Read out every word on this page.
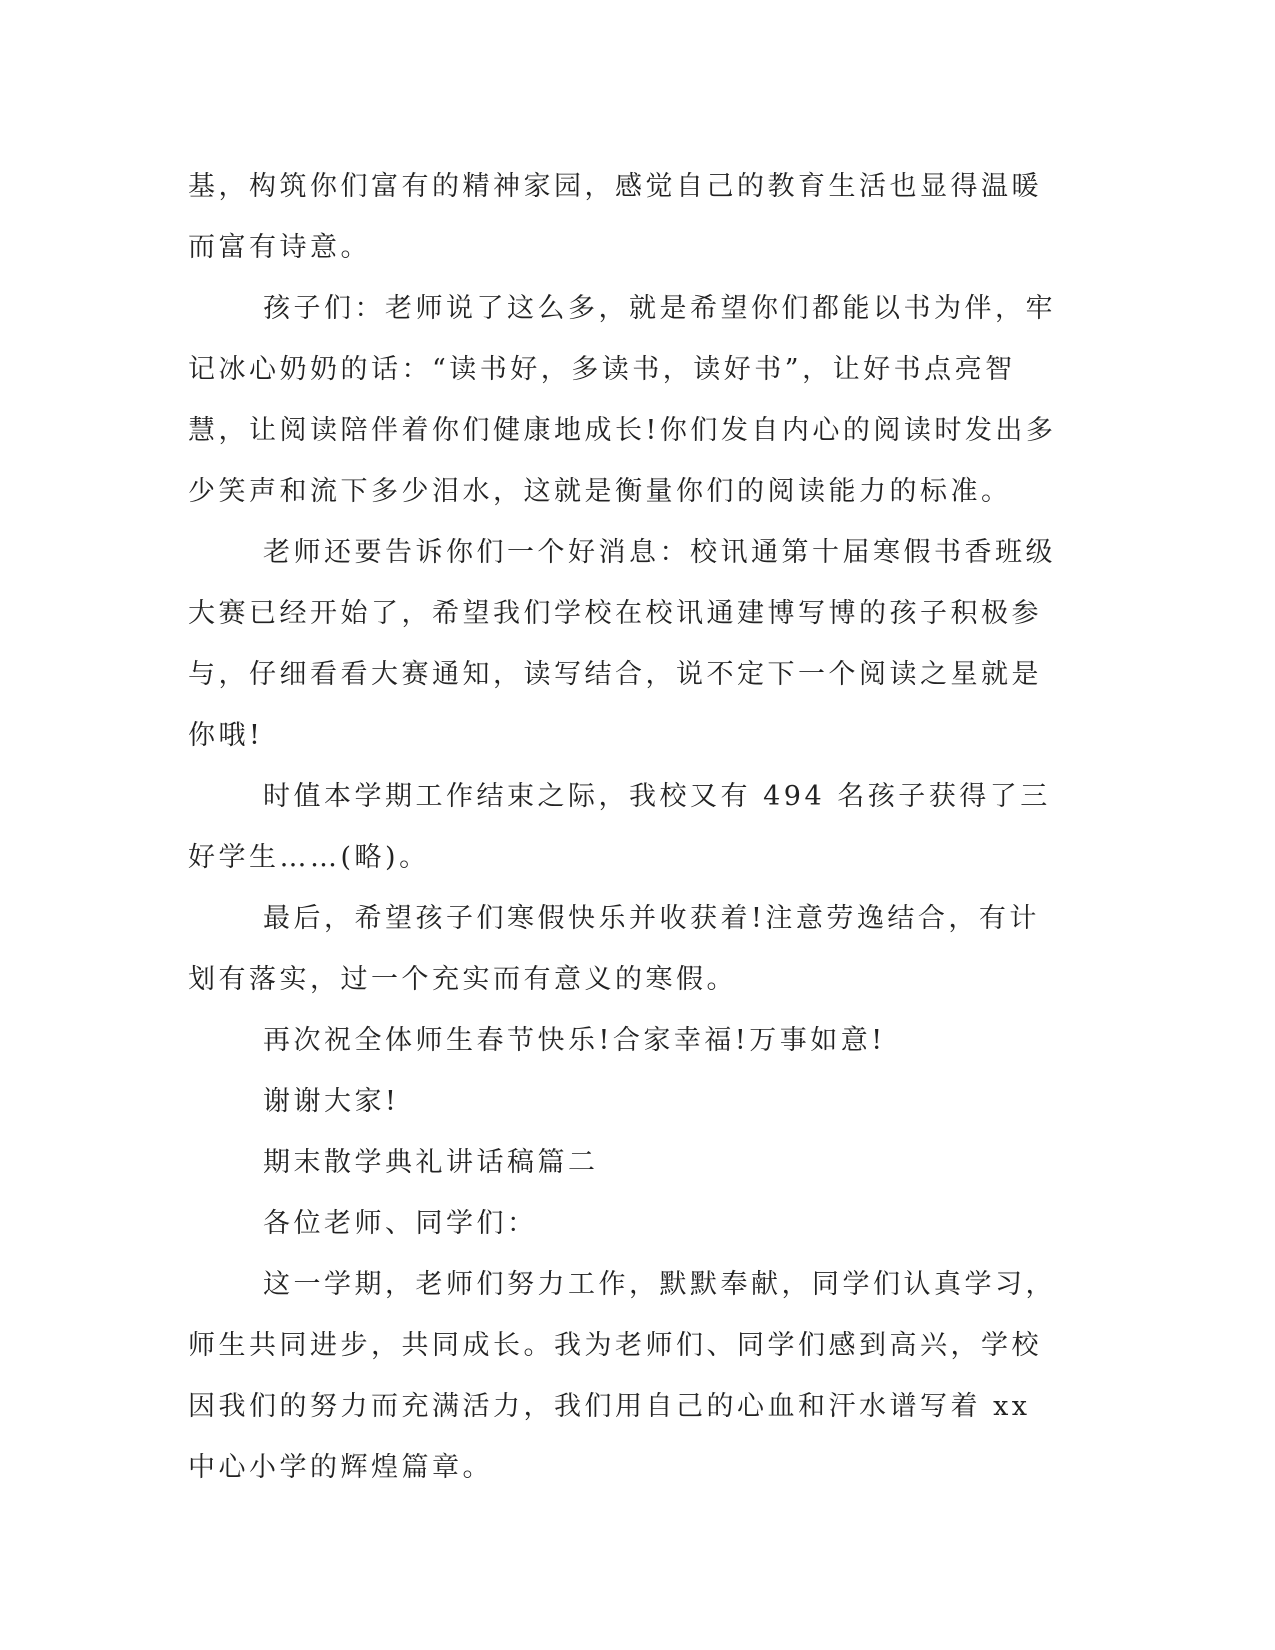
基，构筑你们富有的精神家园，感觉自己的教育生活也显得温暖而富有诗意。

孩子们：老师说了这么多，就是希望你们都能以书为伴，牢记冰心奶奶的话：“读书好，多读书，读好书”，让好书点亮智慧，让阅读陪伴着你们健康地成长!你们发自内心的阅读时发出多少笑声和流下多少泪水，这就是衡量你们的阅读能力的标准。

老师还要告诉你们一个好消息：校讯通第十届寒假书香班级大赛已经开始了，希望我们学校在校讯通建博写博的孩子积极参与，仔细看看大赛通知，读写结合，说不定下一个阅读之星就是你哦!

时值本学期工作结束之际，我校又有 494 名孩子获得了三好学生……(略)。

最后，希望孩子们寒假快乐并收获着!注意劳逸结合，有计划有落实，过一个充实而有意义的寒假。

再次祝全体师生春节快乐!合家幸福!万事如意!

谢谢大家!

期末散学典礼讲话稿篇二

各位老师、同学们：

这一学期，老师们努力工作，默默奉献，同学们认真学习，师生共同进步，共同成长。我为老师们、同学们感到高兴，学校因我们的努力而充满活力，我们用自己的心血和汗水谱写着 xx 中心小学的辉煌篇章。
